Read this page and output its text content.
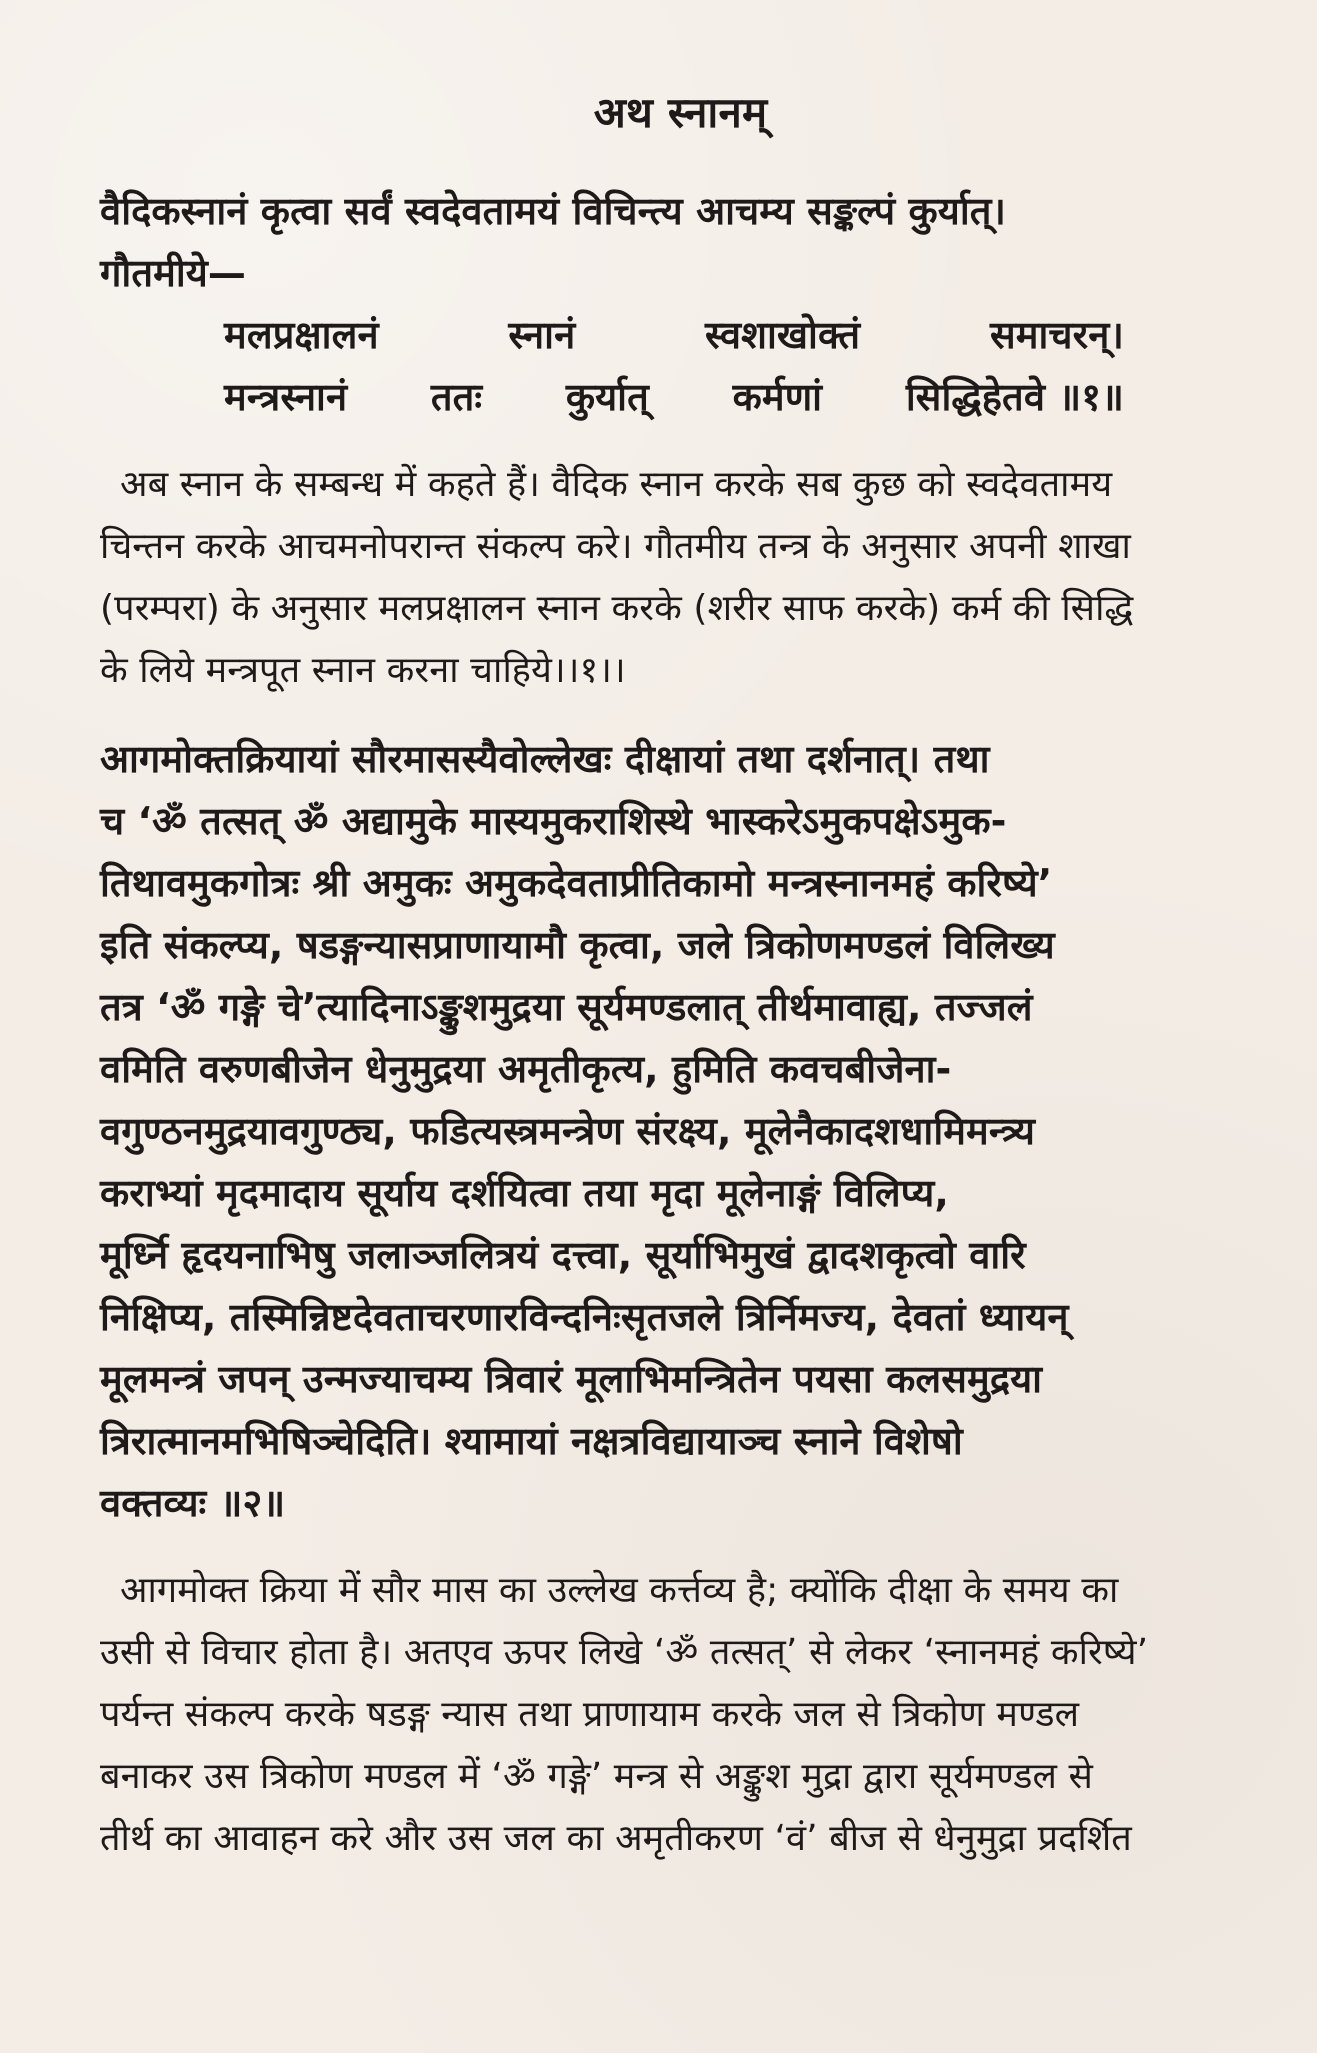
अथ स्नानम्
वैदिकस्नानं कृत्वा सर्वं स्वदेवतामयं विचिन्त्य आचम्य सङ्कल्पं कुर्यात्।
गौतमीये—
मलप्रक्षालनं	स्नानं	स्वशाखोक्तं	समाचरन्।
मन्त्रस्नानं ततः कुर्यात् कर्मणां सिद्धिहेतवे ॥१॥
अब स्नान के सम्बन्ध में कहते हैं। वैदिक स्नान करके सब कुछ को स्वदेवतामय
चिन्तन करके आचमनोपरान्त संकल्प करे। गौतमीय तन्त्र के अनुसार अपनी शाखा
(परम्परा) के अनुसार मलप्रक्षालन स्नान करके (शरीर साफ करके) कर्म की सिद्धि
के लिये मन्त्रपूत स्नान करना चाहिये।।१।।
आगमोक्तक्रियायां सौरमासस्यैवोल्लेखः दीक्षायां तथा दर्शनात्। तथा
च ‘ॐ तत्सत् ॐ अद्यामुके मास्यमुकराशिस्थे भास्करेऽमुकपक्षेऽमुक-
तिथावमुकगोत्रः श्री अमुकः अमुकदेवताप्रीतिकामो मन्त्रस्नानमहं करिष्ये’
इति संकल्प्य, षडङ्गन्यासप्राणायामौ कृत्वा, जले त्रिकोणमण्डलं विलिख्य
तत्र ‘ॐ गङ्गे चे’त्यादिनाऽङ्कुशमुद्रया सूर्यमण्डलात् तीर्थमावाह्य, तज्जलं
वमिति वरुणबीजेन धेनुमुद्रया अमृतीकृत्य, हुमिति कवचबीजेना-
वगुण्ठनमुद्रयावगुण्ठ्य, फडित्यस्त्रमन्त्रेण संरक्ष्य, मूलेनैकादशधामिमन्त्र्य
कराभ्यां मृदमादाय सूर्याय दर्शयित्वा तया मृदा मूलेनाङ्गं विलिप्य,
मूर्ध्नि हृदयनाभिषु जलाञ्जलित्रयं दत्त्वा, सूर्याभिमुखं द्वादशकृत्वो वारि
निक्षिप्य, तस्मिन्निष्टदेवताचरणारविन्दनिःसृतजले त्रिर्निमज्य, देवतां ध्यायन्
मूलमन्त्रं जपन् उन्मज्याचम्य त्रिवारं मूलाभिमन्त्रितेन पयसा कलसमुद्रया
त्रिरात्मानमभिषिञ्चेदिति। श्यामायां नक्षत्रविद्यायाञ्च स्नाने विशेषो
वक्तव्यः ॥२॥
आगमोक्त क्रिया में सौर मास का उल्लेख कर्त्तव्य है; क्योंकि दीक्षा के समय का
उसी से विचार होता है। अतएव ऊपर लिखे ‘ॐ तत्सत्’ से लेकर ‘स्नानमहं करिष्ये’
पर्यन्त संकल्प करके षडङ्ग न्यास तथा प्राणायाम करके जल से त्रिकोण मण्डल
बनाकर उस त्रिकोण मण्डल में ‘ॐ गङ्गे’ मन्त्र से अङ्कुश मुद्रा द्वारा सूर्यमण्डल से
तीर्थ का आवाहन करे और उस जल का अमृतीकरण ‘वं’ बीज से धेनुमुद्रा प्रदर्शित
